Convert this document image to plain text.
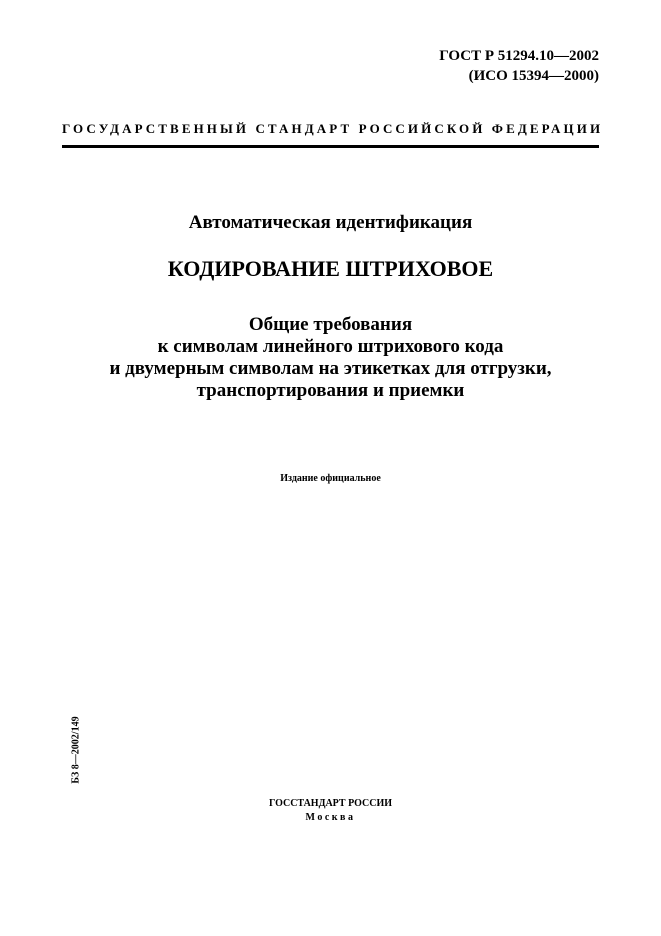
ГОСТ Р 51294.10—2002
(ИСО 15394—2000)
ГОСУДАРСТВЕННЫЙ СТАНДАРТ РОССИЙСКОЙ ФЕДЕРАЦИИ
Автоматическая идентификация
КОДИРОВАНИЕ ШТРИХОВОЕ
Общие требования
к символам линейного штрихового кода
и двумерным символам на этикетках для отгрузки,
транспортирования и приемки
Издание официальное
БЗ 8—2002/149
ГОССТАНДАРТ РОССИИ
Москва
